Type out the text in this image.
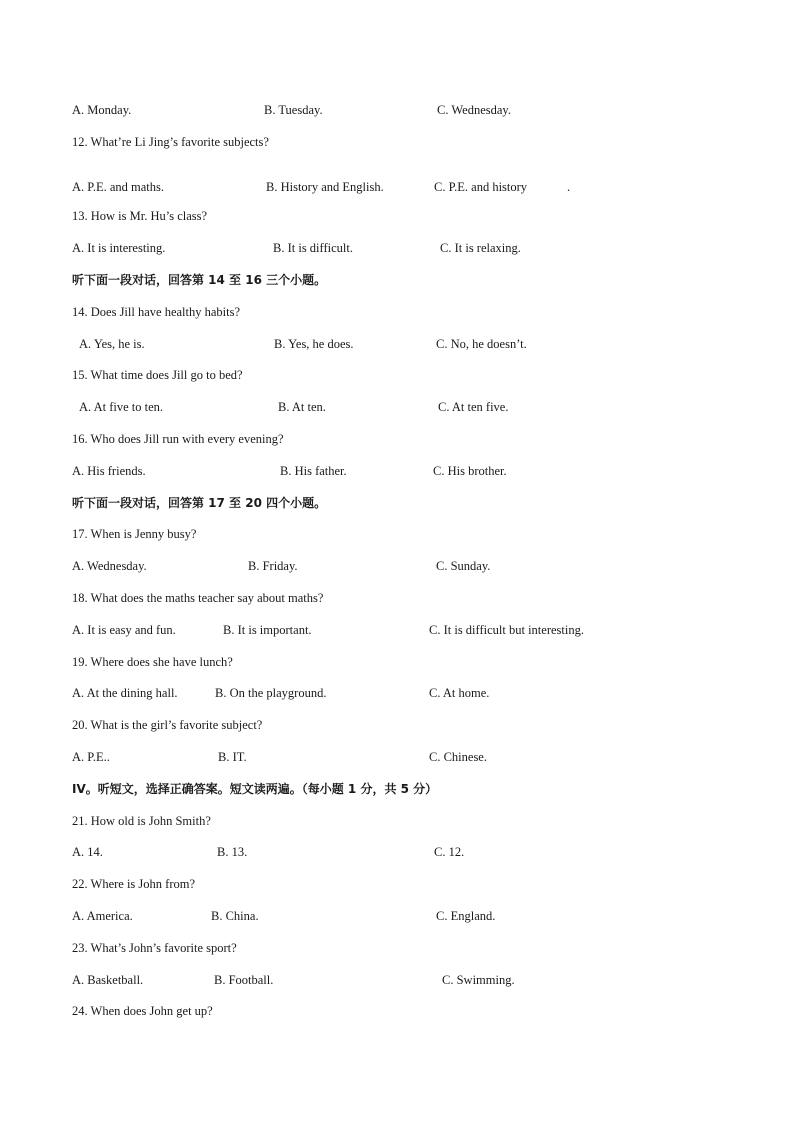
A. Monday.	B. Tuesday.	C. Wednesday.
12. What’re Li Jing’s favorite subjects?
A. P.E. and maths.	B. History and English.	C. P.E. and history	.
13. How is Mr. Hu’s class?
A. It is interesting.	B. It is difficult.	C. It is relaxing.
听下面一段对话，回答第 14 至 16 三个小题。
14. Does Jill have healthy habits?
A. Yes, he is.	B. Yes, he does.	C. No, he doesn’t.
15. What time does Jill go to bed?
A. At five to ten.	B. At ten.	C. At ten five.
16. Who does Jill run with every evening?
A. His friends.	B. His father.	C. His brother.
听下面一段对话，回答第 17 至 20 四个小题。
17. When is Jenny busy?
A. Wednesday.	B. Friday.	C. Sunday.
18. What does the maths teacher say about maths?
A. It is easy and fun.	B. It is important.	C. It is difficult but interesting.
19. Where does she have lunch?
A. At the dining hall.	B. On the playground.	C. At home.
20. What is the girl’s favorite subject?
A. P.E..	B. IT.	C. Chinese.
IV。听短文，选择正确答案。短文读两遍。（每小题 1 分，共 5 分）
21. How old is John Smith?
A. 14.	B. 13.	C. 12.
22. Where is John from?
A. America.	B. China.	C. England.
23. What’s John’s favorite sport?
A. Basketball.	B. Football.	C. Swimming.
24. When does John get up?
